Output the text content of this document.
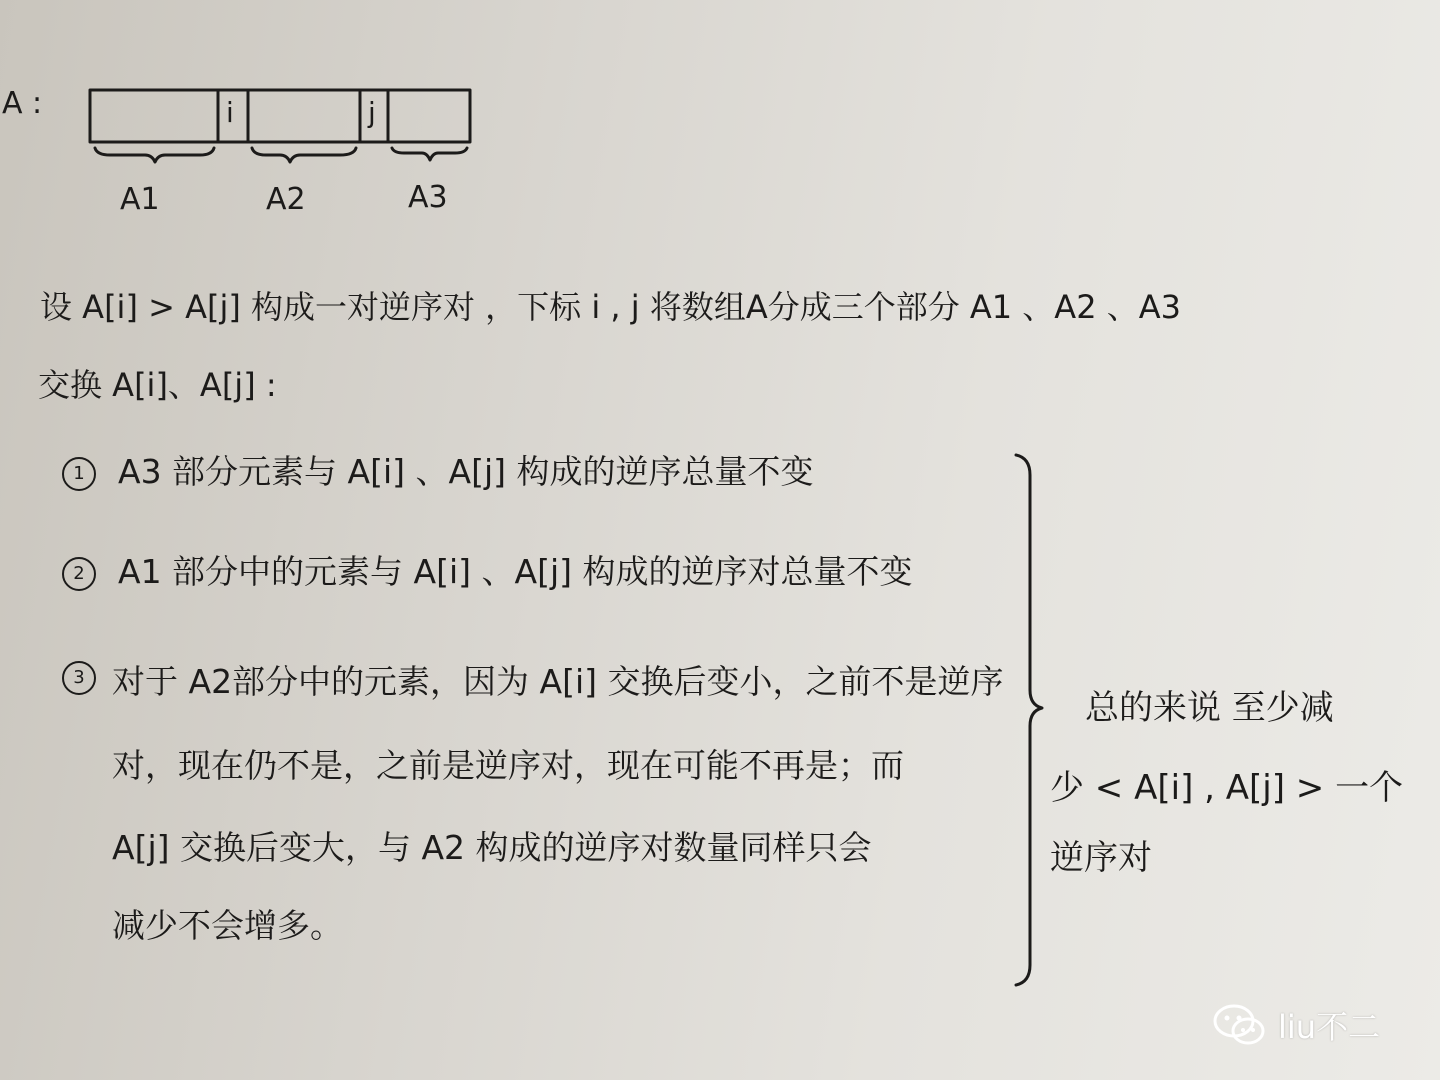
A :	i	j
A1	A2	A3
设 A[i] > A[j] 构成一对逆序对 ，下标 i , j 将数组A分成三个部分 A1 、A2 、A3
交换 A[i]、A[j] :
1 A3 部分元素与 A[i] 、A[j] 构成的逆序总量不变
2 A1 部分中的元素与 A[i] 、A[j] 构成的逆序对总量不变
3 对于 A2部分中的元素，因为 A[i] 交换后变小，之前不是逆序
对，现在仍不是，之前是逆序对，现在可能不再是；而
A[j] 交换后变大，与 A2 构成的逆序对数量同样只会
减少不会增多。
总的来说 至少减
少 < A[i] , A[j] > 一个
逆序对
liu不二
